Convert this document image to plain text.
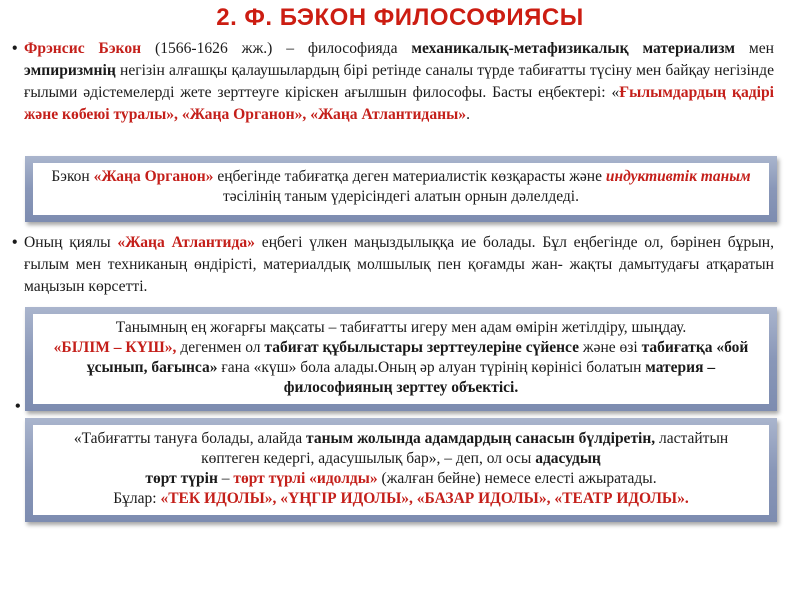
2. Ф. БЭКОН ФИЛОСОФИЯСЫ
• Фрэнсис Бэкон (1566-1626 жж.) – философияда механикалық-метафизикалық материализм мен эмпиризмнің негізін алғашқы қалаушылардың бірі ретінде саналы түрде табиғатты түсіну мен байқау негізінде ғылыми әдістемелерді жете зерттеуге кіріскен ағылшын философы. Басты еңбектері: «Ғылымдардың қадірі және көбеюі туралы», «Жаңа Органон», «Жаңа Атлантиданы».
Бэкон «Жаңа Органон» еңбегінде табиғатқа деген материалистік көзқарасты және индуктивтік таным тәсілінің таным үдерісіндегі алатын орнын дәлелдеді.
• Оның қиялы «Жаңа Атлантида» еңбегі үлкен маңыздылыққа ие болады. Бұл еңбегінде ол, бәрінен бұрын, ғылым мен техниканың өндірісті, материалдық молшылық пен қоғамды жан- жақты дамытудағы атқаратын маңызын көрсетті.
Танымның ең жоғарғы мақсаты – табиғатты игеру мен адам өмірін жетілдіру, шыңдау.
«БІЛІМ – КҮШ», дегенмен ол табиғат құбылыстары зерттеулеріне сүйенсе және өзі табиғатқа «бой ұсынып, бағынса» ғана «күш» бола алады.Оның әр алуан түрінің көрінісі болатын материя – философияның зерттеу объектісі.
•
«Табиғатты тануға болады, алайда таным жолында адамдардың санасын бүлдіретін, ластайтын көптеген кедергі, адасушылық бар», – деп, ол осы адасудың
төрт түрін – төрт түрлі «идолды» (жалған бейне) немесе елесті ажыратады.
Бұлар: «ТЕК ИДОЛЫ», «ҮҢГІР ИДОЛЫ», «БАЗАР ИДОЛЫ», «ТЕАТР ИДОЛЫ».
